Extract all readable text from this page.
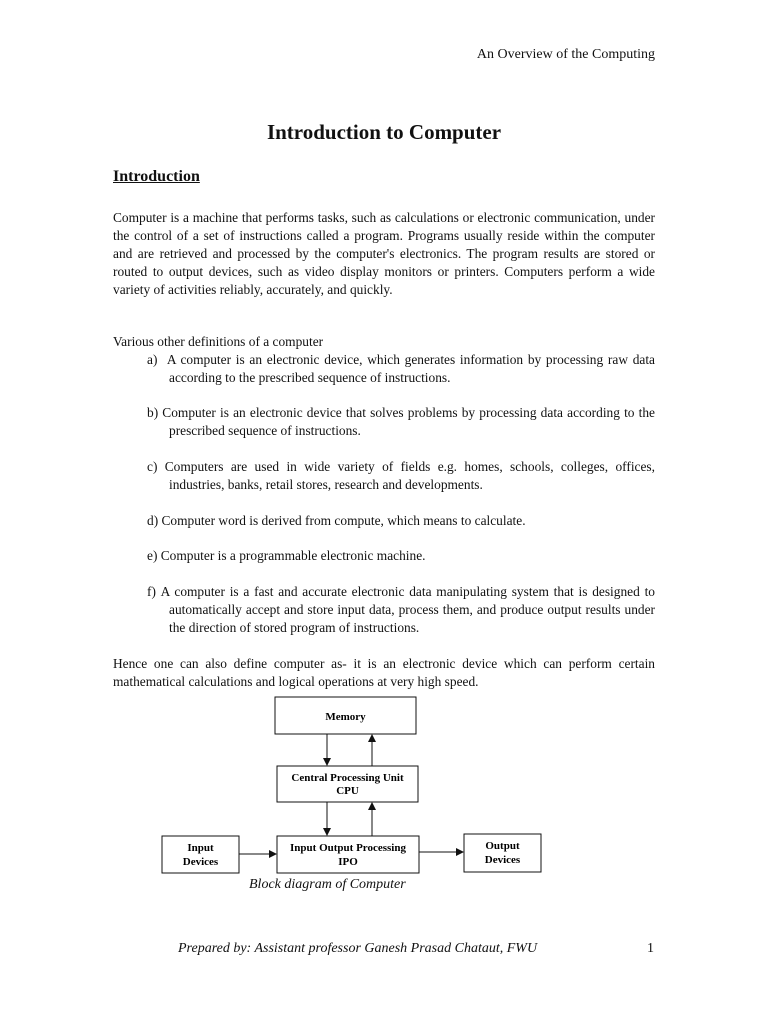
An Overview of the Computing
Introduction to Computer
Introduction
Computer is a machine that performs tasks, such as calculations or electronic communication, under the control of a set of instructions called a program. Programs usually reside within the computer and are retrieved and processed by the computer's electronics. The program results are stored or routed to output devices, such as video display monitors or printers. Computers perform a wide variety of activities reliably, accurately, and quickly.
Various other definitions of a computer
a)  A computer is an electronic device, which generates information by processing raw data according to the prescribed sequence of instructions.
b) Computer is an electronic device that solves problems by processing data according to the prescribed sequence of instructions.
c) Computers are used in wide variety of fields e.g. homes, schools, colleges, offices, industries, banks, retail stores, research and developments.
d) Computer word is derived from compute, which means to calculate.
e) Computer is a programmable electronic machine.
f) A computer is a fast and accurate electronic data manipulating system that is designed to automatically accept and store input data, process them, and produce output results under the direction of stored program of instructions.
Hence one can also define computer as- it is an electronic device which can perform certain mathematical calculations and logical operations at very high speed.
Memory
Central Processing Unit
CPU
Input Output Processing
IPO
Input
Devices
Output
Devices
Block diagram of Computer
Prepared by: Assistant professor Ganesh Prasad Chataut, FWU	1
